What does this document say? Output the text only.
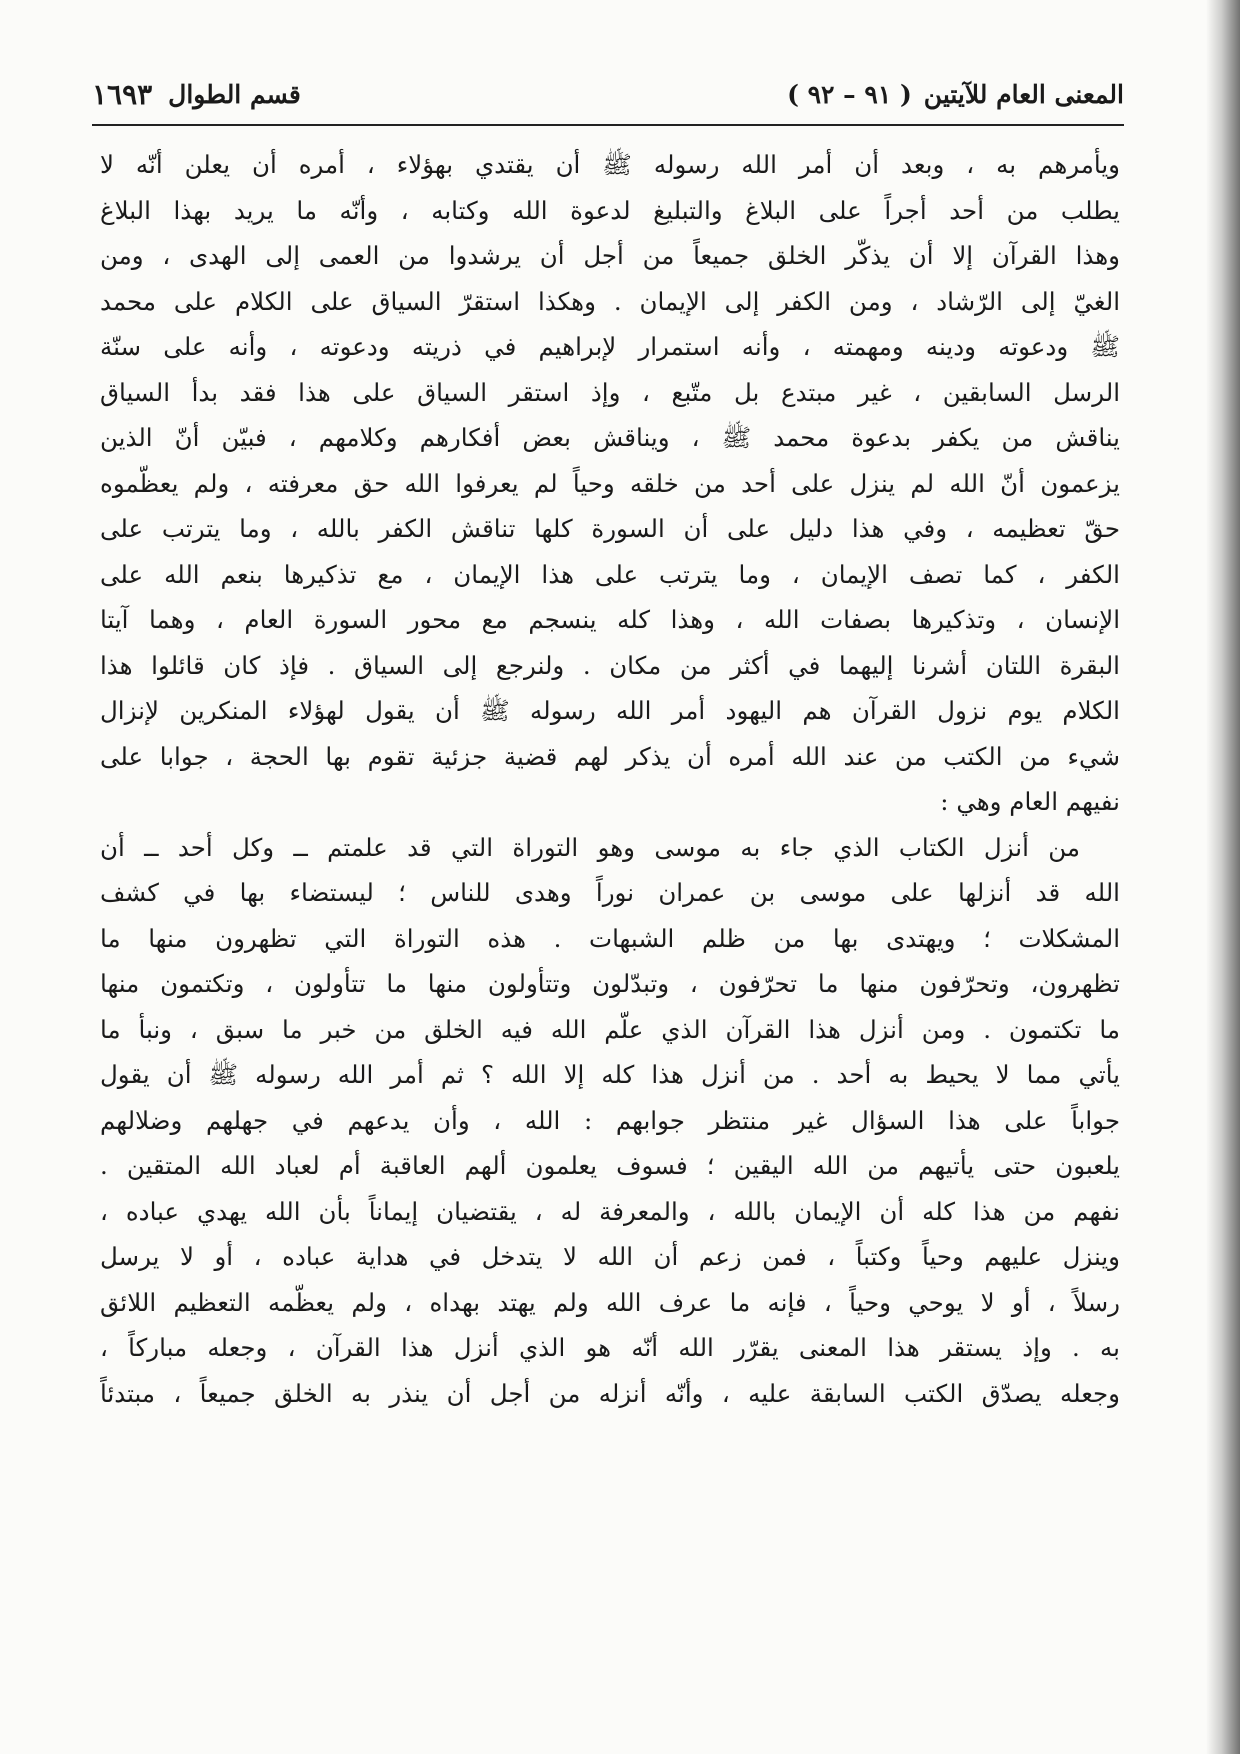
المعنى العام للآيتين
( ٩١ – ٩٢ )
قسم الطوال
١٦٩٣
ويأمرهم به ، وبعد أن أمر الله رسوله ﷺ أن يقتدي بهؤلاء ، أمره أن يعلن أنّه لا
يطلب من أحد أجراً على البلاغ والتبليغ لدعوة الله وكتابه ، وأنّه ما يريد بهذا البلاغ
وهذا القرآن إلا أن يذكّر الخلق جميعاً من أجل أن يرشدوا من العمى إلى الهدى ، ومن
الغيّ إلى الرّشاد ، ومن الكفر إلى الإيمان . وهكذا استقرّ السياق على الكلام على محمد
ﷺ ودعوته ودينه ومهمته ، وأنه استمرار لإبراهيم في ذريته ودعوته ، وأنه على سنّة
الرسل السابقين ، غير مبتدع بل متّبع ، وإذ استقر السياق على هذا فقد بدأ السياق
يناقش من يكفر بدعوة محمد ﷺ ، ويناقش بعض أفكارهم وكلامهم ، فبيّن أنّ الذين
يزعمون أنّ الله لم ينزل على أحد من خلقه وحياً لم يعرفوا الله حق معرفته ، ولم يعظّموه
حقّ تعظيمه ، وفي هذا دليل على أن السورة كلها تناقش الكفر بالله ، وما يترتب على
الكفر ، كما تصف الإيمان ، وما يترتب على هذا الإيمان ، مع تذكيرها بنعم الله على
الإنسان ، وتذكيرها بصفات الله ، وهذا كله ينسجم مع محور السورة العام ، وهما آيتا
البقرة اللتان أشرنا إليهما في أكثر من مكان . ولنرجع إلى السياق . فإذ كان قائلوا هذا
الكلام يوم نزول القرآن هم اليهود أمر الله رسوله ﷺ أن يقول لهؤلاء المنكرين لإنزال
شيء من الكتب من عند الله أمره أن يذكر لهم قضية جزئية تقوم بها الحجة ، جوابا على
نفيهم العام وهي :
من أنزل الكتاب الذي جاء به موسى وهو التوراة التي قد علمتم ــ وكل أحد ــ أن
الله قد أنزلها على موسى بن عمران نوراً وهدى للناس ؛ ليستضاء بها في كشف
المشكلات ؛ ويهتدى بها من ظلم الشبهات . هذه التوراة التي تظهرون منها ما
تظهرون، وتحرّفون منها ما تحرّفون ، وتبدّلون وتتأولون منها ما تتأولون ، وتكتمون منها
ما تكتمون . ومن أنزل هذا القرآن الذي علّم الله فيه الخلق من خبر ما سبق ، ونبأ ما
يأتي مما لا يحيط به أحد . من أنزل هذا كله إلا الله ؟ ثم أمر الله رسوله ﷺ أن يقول
جواباً على هذا السؤال غير منتظر جوابهم : الله ، وأن يدعهم في جهلهم وضلالهم
يلعبون حتى يأتيهم من الله اليقين ؛ فسوف يعلمون ألهم العاقبة أم لعباد الله المتقين .
نفهم من هذا كله أن الإيمان بالله ، والمعرفة له ، يقتضيان إيماناً بأن الله يهدي عباده ،
وينزل عليهم وحياً وكتباً ، فمن زعم أن الله لا يتدخل في هداية عباده ، أو لا يرسل
رسلاً ، أو لا يوحي وحياً ، فإنه ما عرف الله ولم يهتد بهداه ، ولم يعظّمه التعظيم اللائق
به . وإذ يستقر هذا المعنى يقرّر الله أنّه هو الذي أنزل هذا القرآن ، وجعله مباركاً ،
وجعله يصدّق الكتب السابقة عليه ، وأنّه أنزله من أجل أن ينذر به الخلق جميعاً ، مبتدئاً
